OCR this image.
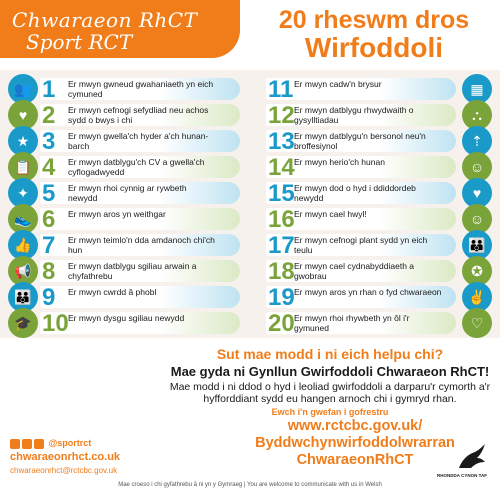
Chwaraeon RhCT
Sport RCT
20 rheswm dros
Wirfoddoli
1 Er mwyn gwneud gwahaniaeth yn eich cymuned
👥
2 Er mwyn cefnogi sefydliad neu achos sydd o bwys i chi
♥
3 Er mwyn gwella'ch hyder a'ch hunan-barch
★
4 Er mwyn datblygu'ch CV a gwella'ch cyflogadwyedd
📋
5 Er mwyn rhoi cynnig ar rywbeth newydd
✦
6 Er mwyn aros yn weithgar
👟
7 Er mwyn teimlo'n dda amdanoch chi'ch hun
👍
8 Er mwyn datblygu sgiliau arwain a chyfathrebu
📢
9 Er mwyn cwrdd â phobl
👪
10 Er mwyn dysgu sgiliau newydd
🎓
11 Er mwyn cadw'n brysur	▦
12 Er mwyn datblygu rhwydwaith o gysylltiadau	⛬
13 Er mwyn datblygu'n bersonol neu'n broffesiynol	⇡
14 Er mwyn herio'ch hunan	☺
15 Er mwyn dod o hyd i ddiddordeb newydd	♥
16 Er mwyn cael hwyl!	☺
17 Er mwyn cefnogi plant sydd yn eich teulu	👪
18 Er mwyn cael cydnabyddiaeth a gwobrau	✪
19 Er mwyn aros yn rhan o fyd chwaraeon	✌
20 Er mwyn rhoi rhywbeth yn ôl i'r gymuned	♡
Sut mae modd i ni eich helpu chi?
Mae gyda ni Gynllun Gwirfoddoli Chwaraeon RhCT!
Mae modd i ni ddod o hyd i leoliad gwirfoddoli a darparu'r cymorth a'r hyfforddiant sydd eu hangen arnoch chi i gymryd rhan.
Ewch i'n gwefan i gofrestru
www.rctcbc.gov.uk/
Byddwchynwirfoddolwrarran
ChwaraeonRhCT
@sportrct
chwaraeonrhct.co.uk
chwaraeonrhct@rctcbc.gov.uk
RHONDDA CYNON TAF
Mae croeso i chi gyfathrebu â ni yn y Gymraeg | You are welcome to communicate with us in Welsh
